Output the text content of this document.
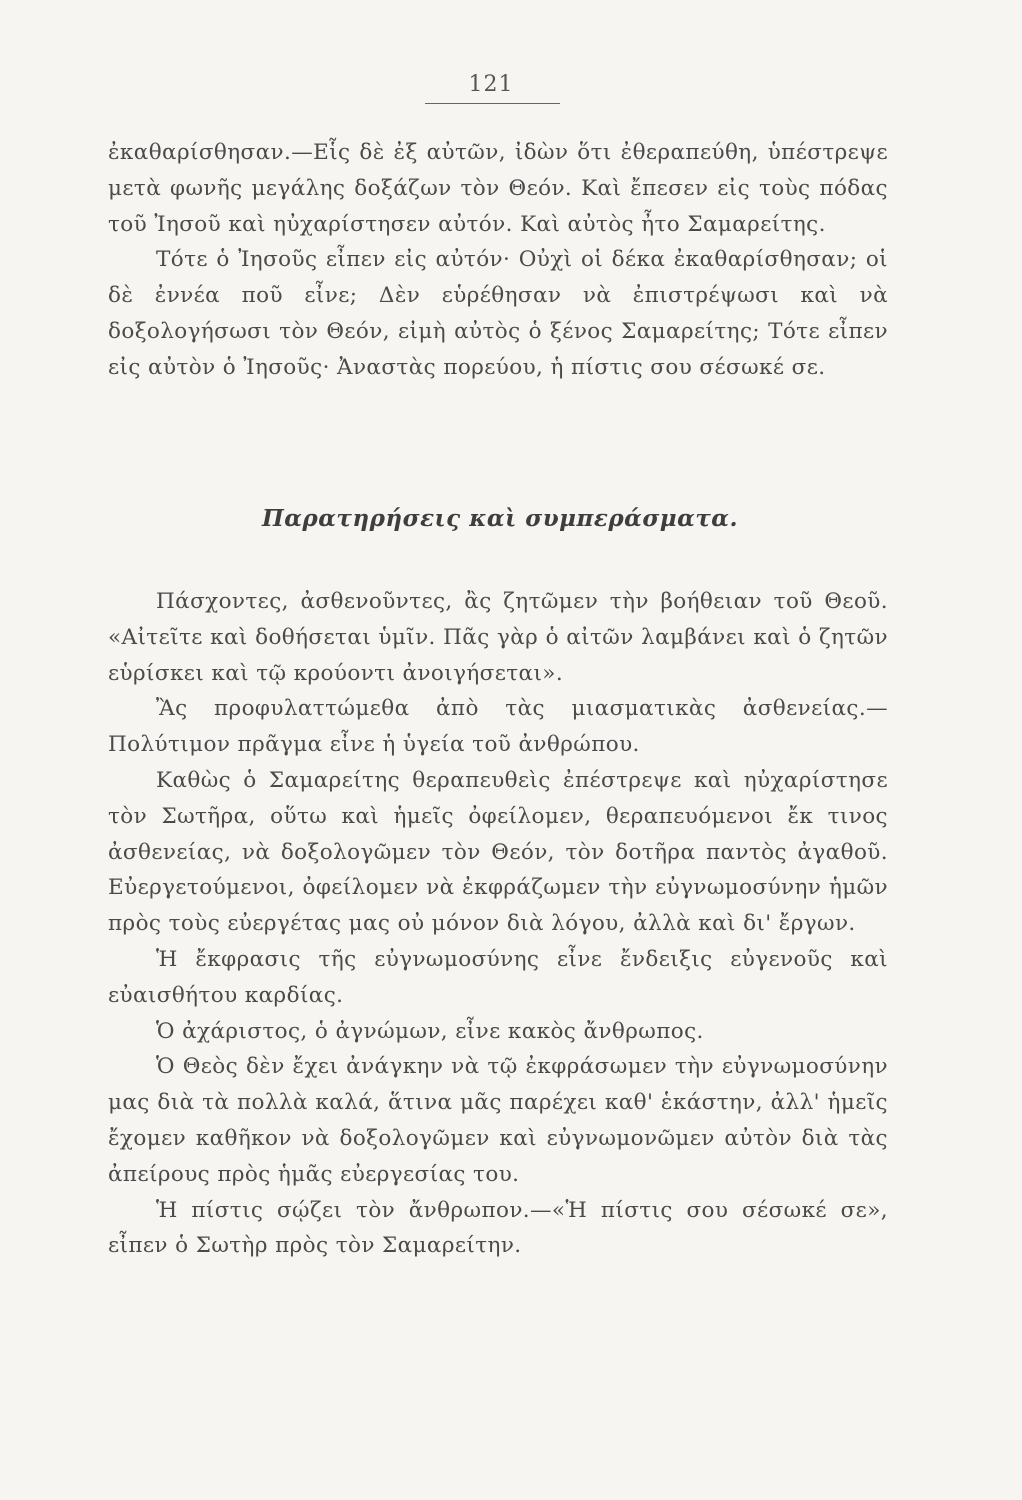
121

ἐκαθαρίσθησαν.—Εἷς δὲ ἐξ αὐτῶν, ἰδὼν ὅτι ἐθεραπεύθη, ὑπέστρεψε μετὰ φωνῆς μεγάλης δοξάζων τὸν Θεόν. Καὶ ἔπεσεν εἰς τοὺς πόδας τοῦ Ἰησοῦ καὶ ηὐχαρίστησεν αὐτόν. Καὶ αὐτὸς ἦτο Σαμαρείτης.

Τότε ὁ Ἰησοῦς εἶπεν εἰς αὐτόν· Οὐχὶ οἱ δέκα ἐκαθαρίσθησαν; οἱ δὲ ἐννέα ποῦ εἶνε; Δὲν εὑρέθησαν νὰ ἐπιστρέψωσι καὶ νὰ δοξολογήσωσι τὸν Θεόν, εἰμὴ αὐτὸς ὁ ξένος Σαμαρείτης; Τότε εἶπεν εἰς αὐτὸν ὁ Ἰησοῦς· Ἀναστὰς πορεύου, ἡ πίστις σου σέσωκέ σε.

Παρατηρήσεις καὶ συμπεράσματα.

Πάσχοντες, ἀσθενοῦντες, ἂς ζητῶμεν τὴν βοήθειαν τοῦ Θεοῦ. «Αἰτεῖτε καὶ δοθήσεται ὑμῖν. Πᾶς γὰρ ὁ αἰτῶν λαμβάνει καὶ ὁ ζητῶν εὑρίσκει καὶ τῷ κρούοντι ἀνοιγήσεται».

Ἂς προφυλαττώμεθα ἀπὸ τὰς μιασματικὰς ἀσθενείας.—Πολύτιμον πρᾶγμα εἶνε ἡ ὑγεία τοῦ ἀνθρώπου.

Καθὼς ὁ Σαμαρείτης θεραπευθεὶς ἐπέστρεψε καὶ ηὐχαρίστησε τὸν Σωτῆρα, οὕτω καὶ ἡμεῖς ὀφείλομεν, θεραπευόμενοι ἔκ τινος ἀσθενείας, νὰ δοξολογῶμεν τὸν Θεόν, τὸν δοτῆρα παντὸς ἀγαθοῦ. Εὐεργετούμενοι, ὀφείλομεν νὰ ἐκφράζωμεν τὴν εὐγνωμοσύνην ἡμῶν πρὸς τοὺς εὐεργέτας μας οὐ μόνον διὰ λόγου, ἀλλὰ καὶ δι' ἔργων.

Ἡ ἔκφρασις τῆς εὐγνωμοσύνης εἶνε ἔνδειξις εὐγενοῦς καὶ εὐαισθήτου καρδίας.

Ὁ ἀχάριστος, ὁ ἀγνώμων, εἶνε κακὸς ἄνθρωπος.

Ὁ Θεὸς δὲν ἔχει ἀνάγκην νὰ τῷ ἐκφράσωμεν τὴν εὐγνωμοσύνην μας διὰ τὰ πολλὰ καλά, ἅτινα μᾶς παρέχει καθ' ἑκάστην, ἀλλ' ἡμεῖς ἔχομεν καθῆκον νὰ δοξολογῶμεν καὶ εὐγνωμονῶμεν αὐτὸν διὰ τὰς ἀπείρους πρὸς ἡμᾶς εὐεργεσίας του.

Ἡ πίστις σῴζει τὸν ἄνθρωπον.—«Ἡ πίστις σου σέσωκέ σε», εἶπεν ὁ Σωτὴρ πρὸς τὸν Σαμαρείτην.
